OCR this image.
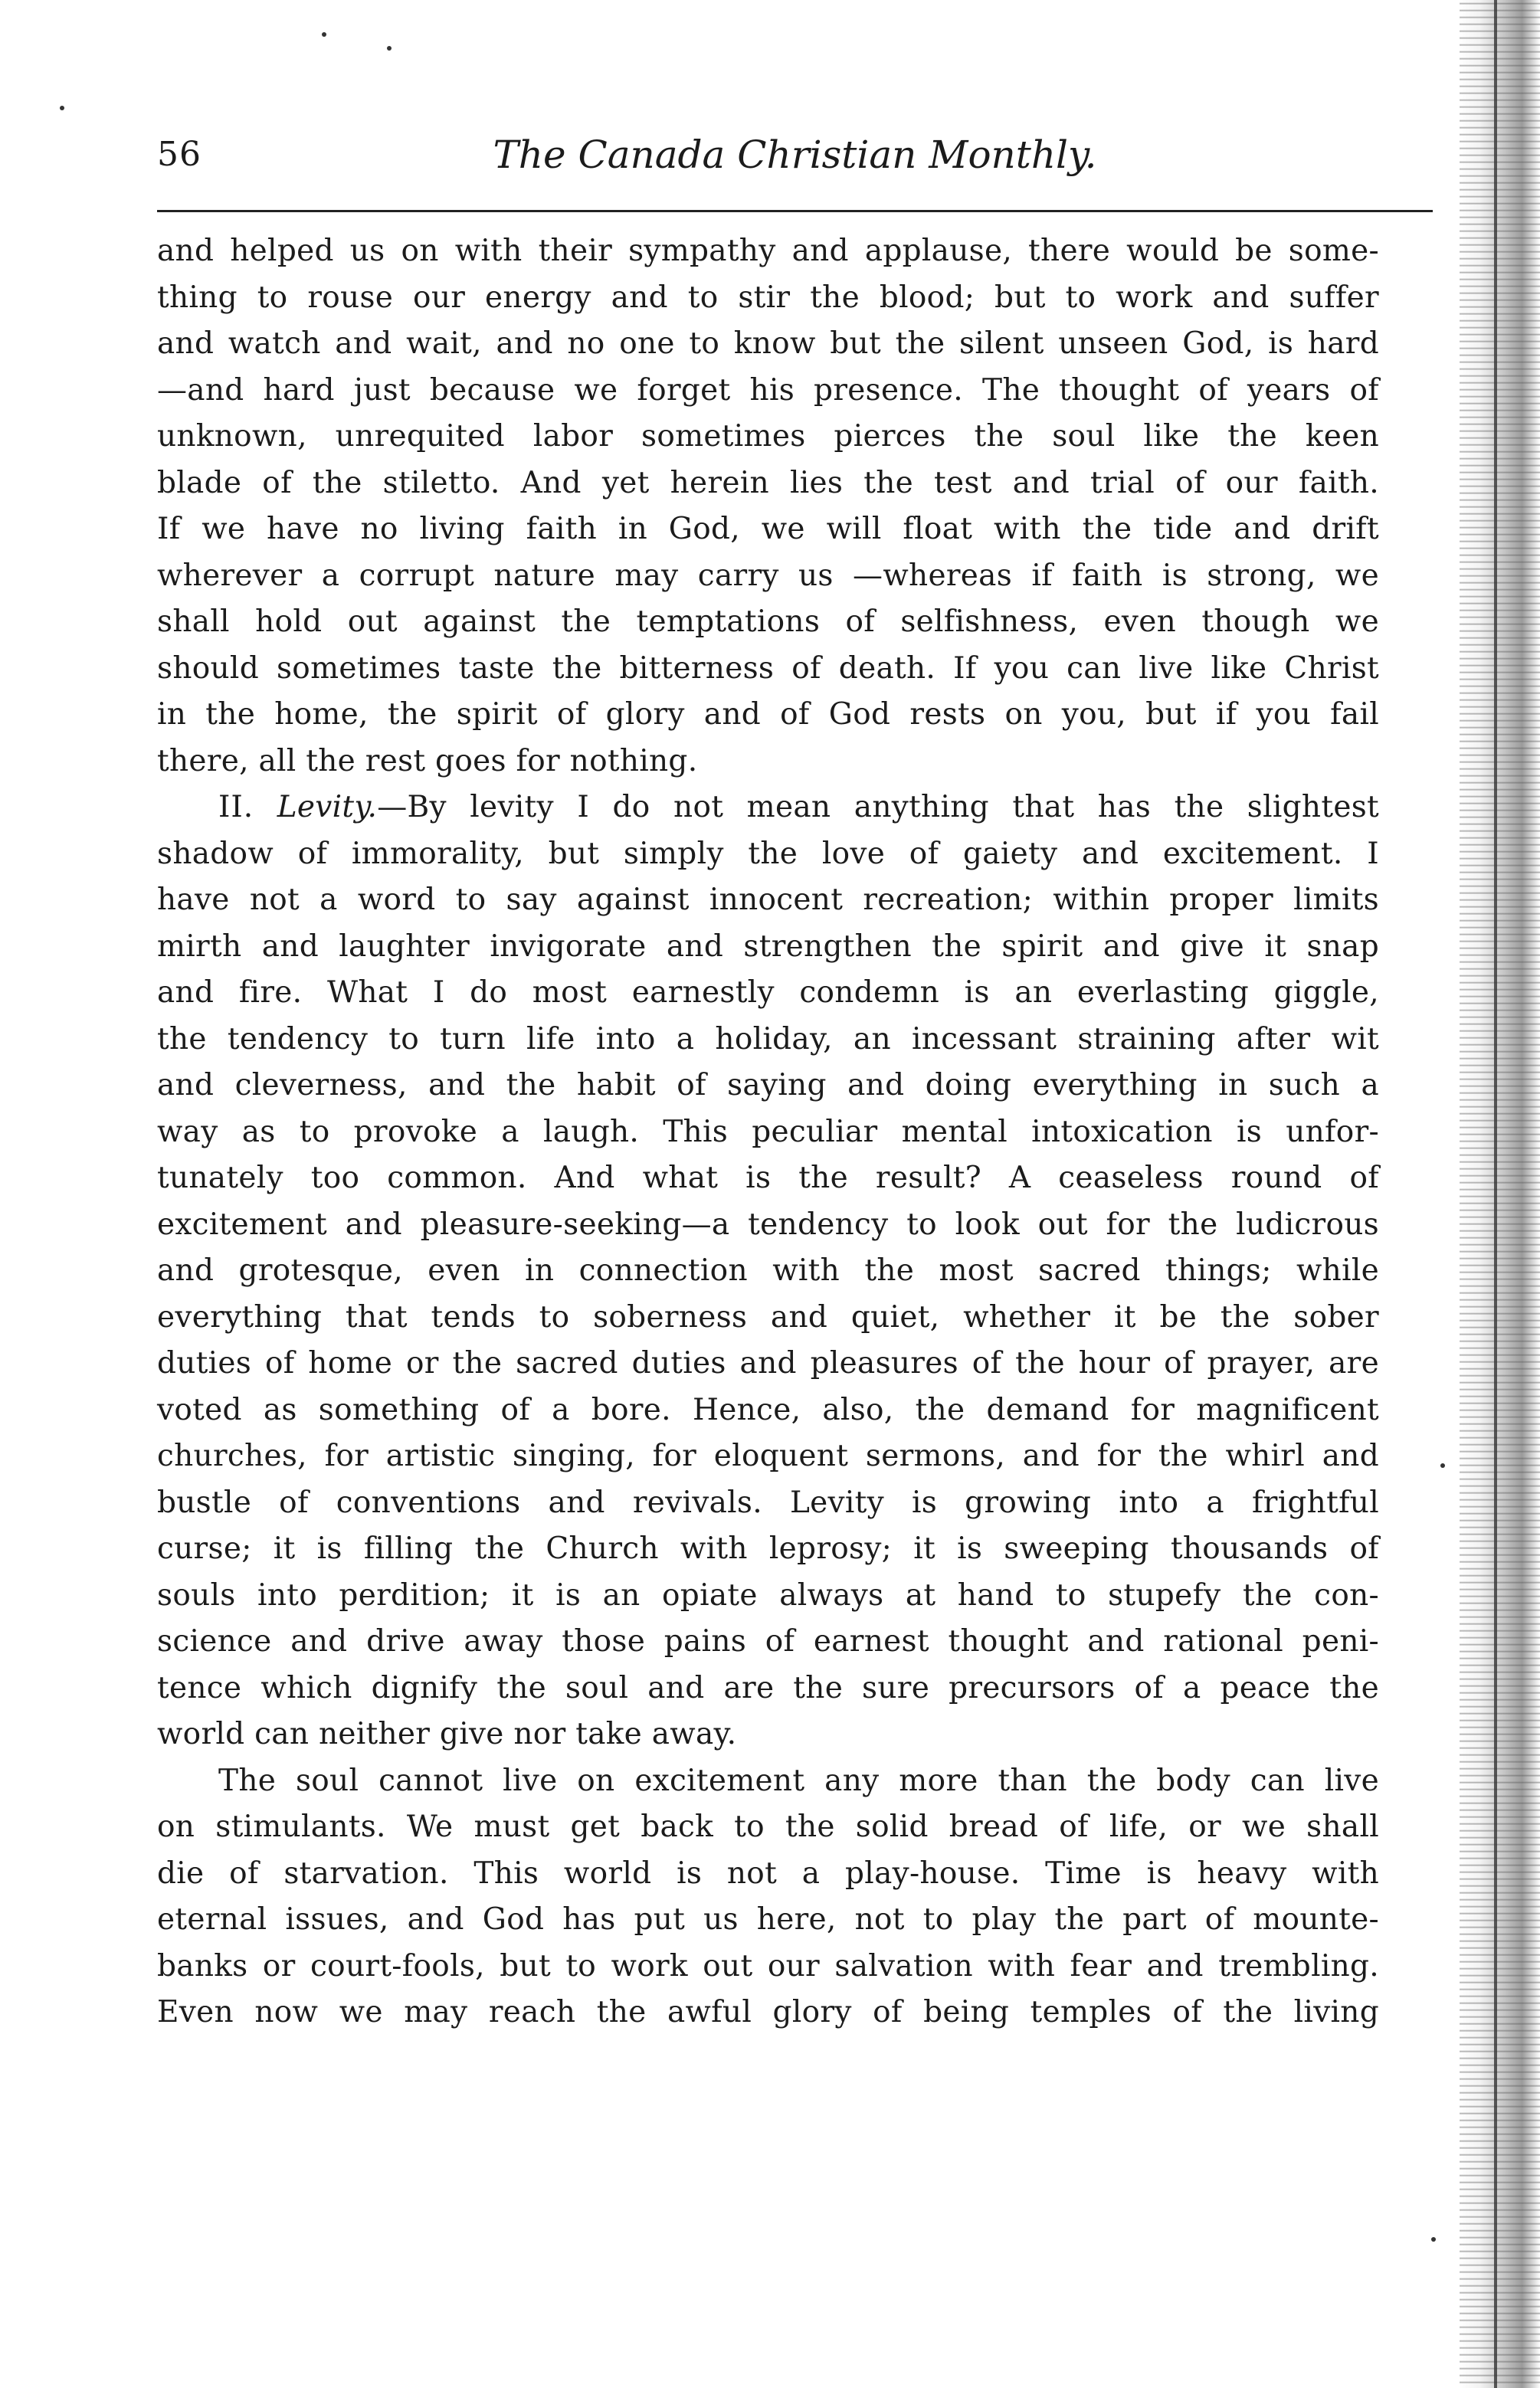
56	The Canada Christian Monthly.

and helped us on with their sympathy and applause, there would be some-
thing to rouse our energy and to stir the blood; but to work and suffer
and watch and wait, and no one to know but the silent unseen God, is hard
—and hard just because we forget his presence. The thought of years of
unknown, unrequited labor sometimes pierces the soul like the keen
blade of the stiletto. And yet herein lies the test and trial of our faith.
If we have no living faith in God, we will float with the tide and drift
wherever a corrupt nature may carry us —whereas if faith is strong, we
shall hold out against the temptations of selfishness, even though we
should sometimes taste the bitterness of death. If you can live like Christ
in the home, the spirit of glory and of God rests on you, but if you fail
there, all the rest goes for nothing.

II. Levity.—By levity I do not mean anything that has the slightest
shadow of immorality, but simply the love of gaiety and excitement. I
have not a word to say against innocent recreation; within proper limits
mirth and laughter invigorate and strengthen the spirit and give it snap
and fire. What I do most earnestly condemn is an everlasting giggle,
the tendency to turn life into a holiday, an incessant straining after wit
and cleverness, and the habit of saying and doing everything in such a
way as to provoke a laugh. This peculiar mental intoxication is unfor-
tunately too common. And what is the result? A ceaseless round of
excitement and pleasure-seeking—a tendency to look out for the ludicrous
and grotesque, even in connection with the most sacred things; while
everything that tends to soberness and quiet, whether it be the sober
duties of home or the sacred duties and pleasures of the hour of prayer, are
voted as something of a bore. Hence, also, the demand for magnificent
churches, for artistic singing, for eloquent sermons, and for the whirl and
bustle of conventions and revivals. Levity is growing into a frightful
curse; it is filling the Church with leprosy; it is sweeping thousands of
souls into perdition; it is an opiate always at hand to stupefy the con-
science and drive away those pains of earnest thought and rational peni-
tence which dignify the soul and are the sure precursors of a peace the
world can neither give nor take away.

The soul cannot live on excitement any more than the body can live
on stimulants. We must get back to the solid bread of life, or we shall
die of starvation. This world is not a play-house. Time is heavy with
eternal issues, and God has put us here, not to play the part of mounte-
banks or court-fools, but to work out our salvation with fear and trembling.
Even now we may reach the awful glory of being temples of the living
